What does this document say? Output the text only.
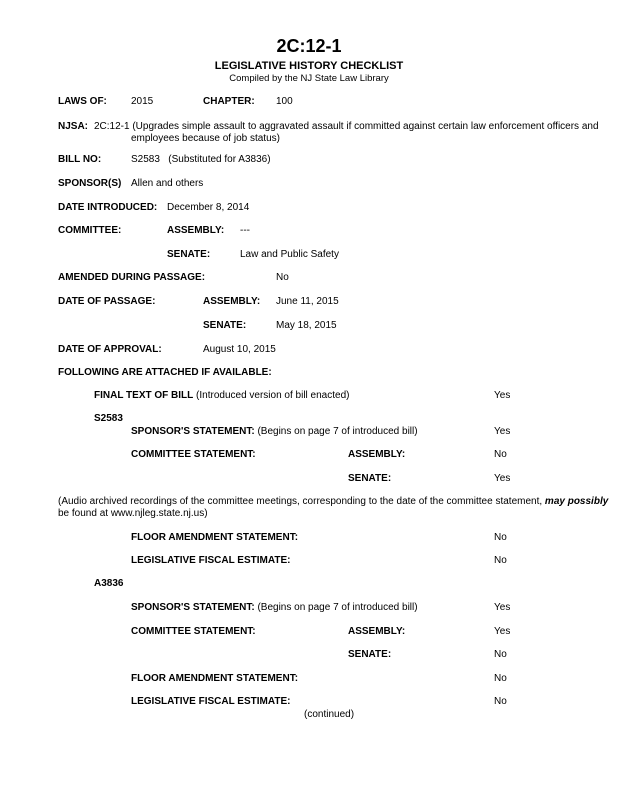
2C:12-1
LEGISLATIVE HISTORY CHECKLIST
Compiled by the NJ State Law Library
LAWS OF: 2015	CHAPTER: 100
NJSA: 2C:12-1 (Upgrades simple assault to aggravated assault if committed against certain law enforcement officers and
employees because of job status)
BILL NO:	S2583   (Substituted for A3836)
SPONSOR(S) Allen and others
DATE INTRODUCED: December 8, 2014
COMMITTEE:	ASSEMBLY: ---
SENATE:	Law and Public Safety
AMENDED DURING PASSAGE:	No
DATE OF PASSAGE:	ASSEMBLY: June 11, 2015
SENATE:	May 18, 2015
DATE OF APPROVAL:	August 10, 2015
FOLLOWING ARE ATTACHED IF AVAILABLE:
FINAL TEXT OF BILL (Introduced version of bill enacted)	Yes
S2583
SPONSOR'S STATEMENT: (Begins on page 7 of introduced bill)	Yes
COMMITTEE STATEMENT:	ASSEMBLY:	No
SENATE:	Yes
(Audio archived recordings of the committee meetings, corresponding to the date of the committee statement, may possibly
be found at www.njleg.state.nj.us)
FLOOR AMENDMENT STATEMENT:	No
LEGISLATIVE FISCAL ESTIMATE:	No
A3836
SPONSOR'S STATEMENT: (Begins on page 7 of introduced bill)	Yes
COMMITTEE STATEMENT:	ASSEMBLY:	Yes
SENATE:	No
FLOOR AMENDMENT STATEMENT:	No
LEGISLATIVE FISCAL ESTIMATE:	No
(continued)
